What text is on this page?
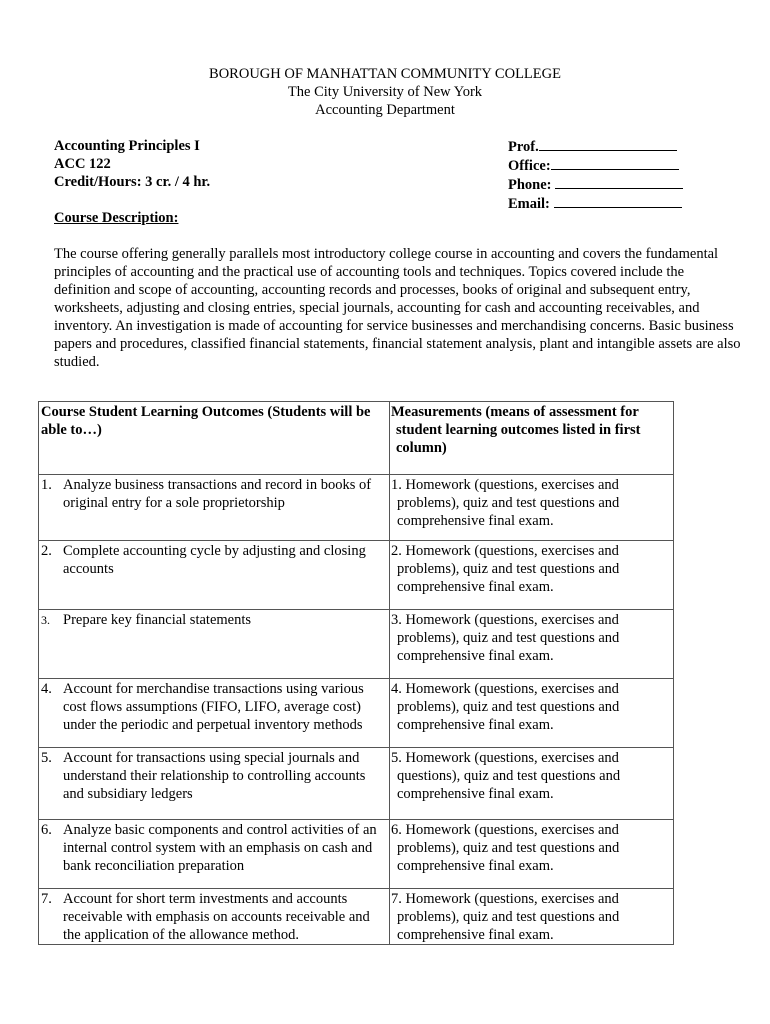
BOROUGH OF MANHATTAN COMMUNITY COLLEGE
The City University of New York
Accounting Department
Accounting Principles I
ACC 122
Credit/Hours: 3 cr. / 4 hr.
Prof.
Office:
Phone:
Email:
Course Description:
The course offering generally parallels most introductory college course in accounting and covers the fundamental principles of accounting and the practical use of accounting tools and techniques. Topics covered include the definition and scope of accounting, accounting records and processes, books of original and subsequent entry, worksheets, adjusting and closing entries, special journals, accounting for cash and accounting receivables, and inventory. An investigation is made of accounting for service businesses and merchandising concerns. Basic business papers and procedures, classified financial statements, financial statement analysis, plant and intangible assets are also studied.
Course Student Learning Outcomes (Students will be able to…)	Measurements (means of assessment for student learning outcomes listed in first column)

1. Analyze business transactions and record in books of original entry for a sole proprietorship	1. Homework (questions, exercises and problems), quiz and test questions and comprehensive final exam.

2. Complete accounting cycle by adjusting and closing accounts	2. Homework (questions, exercises and problems), quiz and test questions and comprehensive final exam.

3. Prepare key financial statements	3. Homework (questions, exercises and problems), quiz and test questions and comprehensive final exam.

4. Account for merchandise transactions using various cost flows assumptions (FIFO, LIFO, average cost) under the periodic and perpetual inventory methods	4. Homework (questions, exercises and problems), quiz and test questions and comprehensive final exam.

5. Account for transactions using special journals and understand their relationship to controlling accounts and subsidiary ledgers	5. Homework (questions, exercises and questions), quiz and test questions and comprehensive final exam.

6. Analyze basic components and control activities of an internal control system with an emphasis on cash and bank reconciliation preparation	6. Homework (questions, exercises and problems), quiz and test questions and comprehensive final exam.

7. Account for short term investments and accounts receivable with emphasis on accounts receivable and the application of the allowance method.	7. Homework (questions, exercises and problems), quiz and test questions and comprehensive final exam.
